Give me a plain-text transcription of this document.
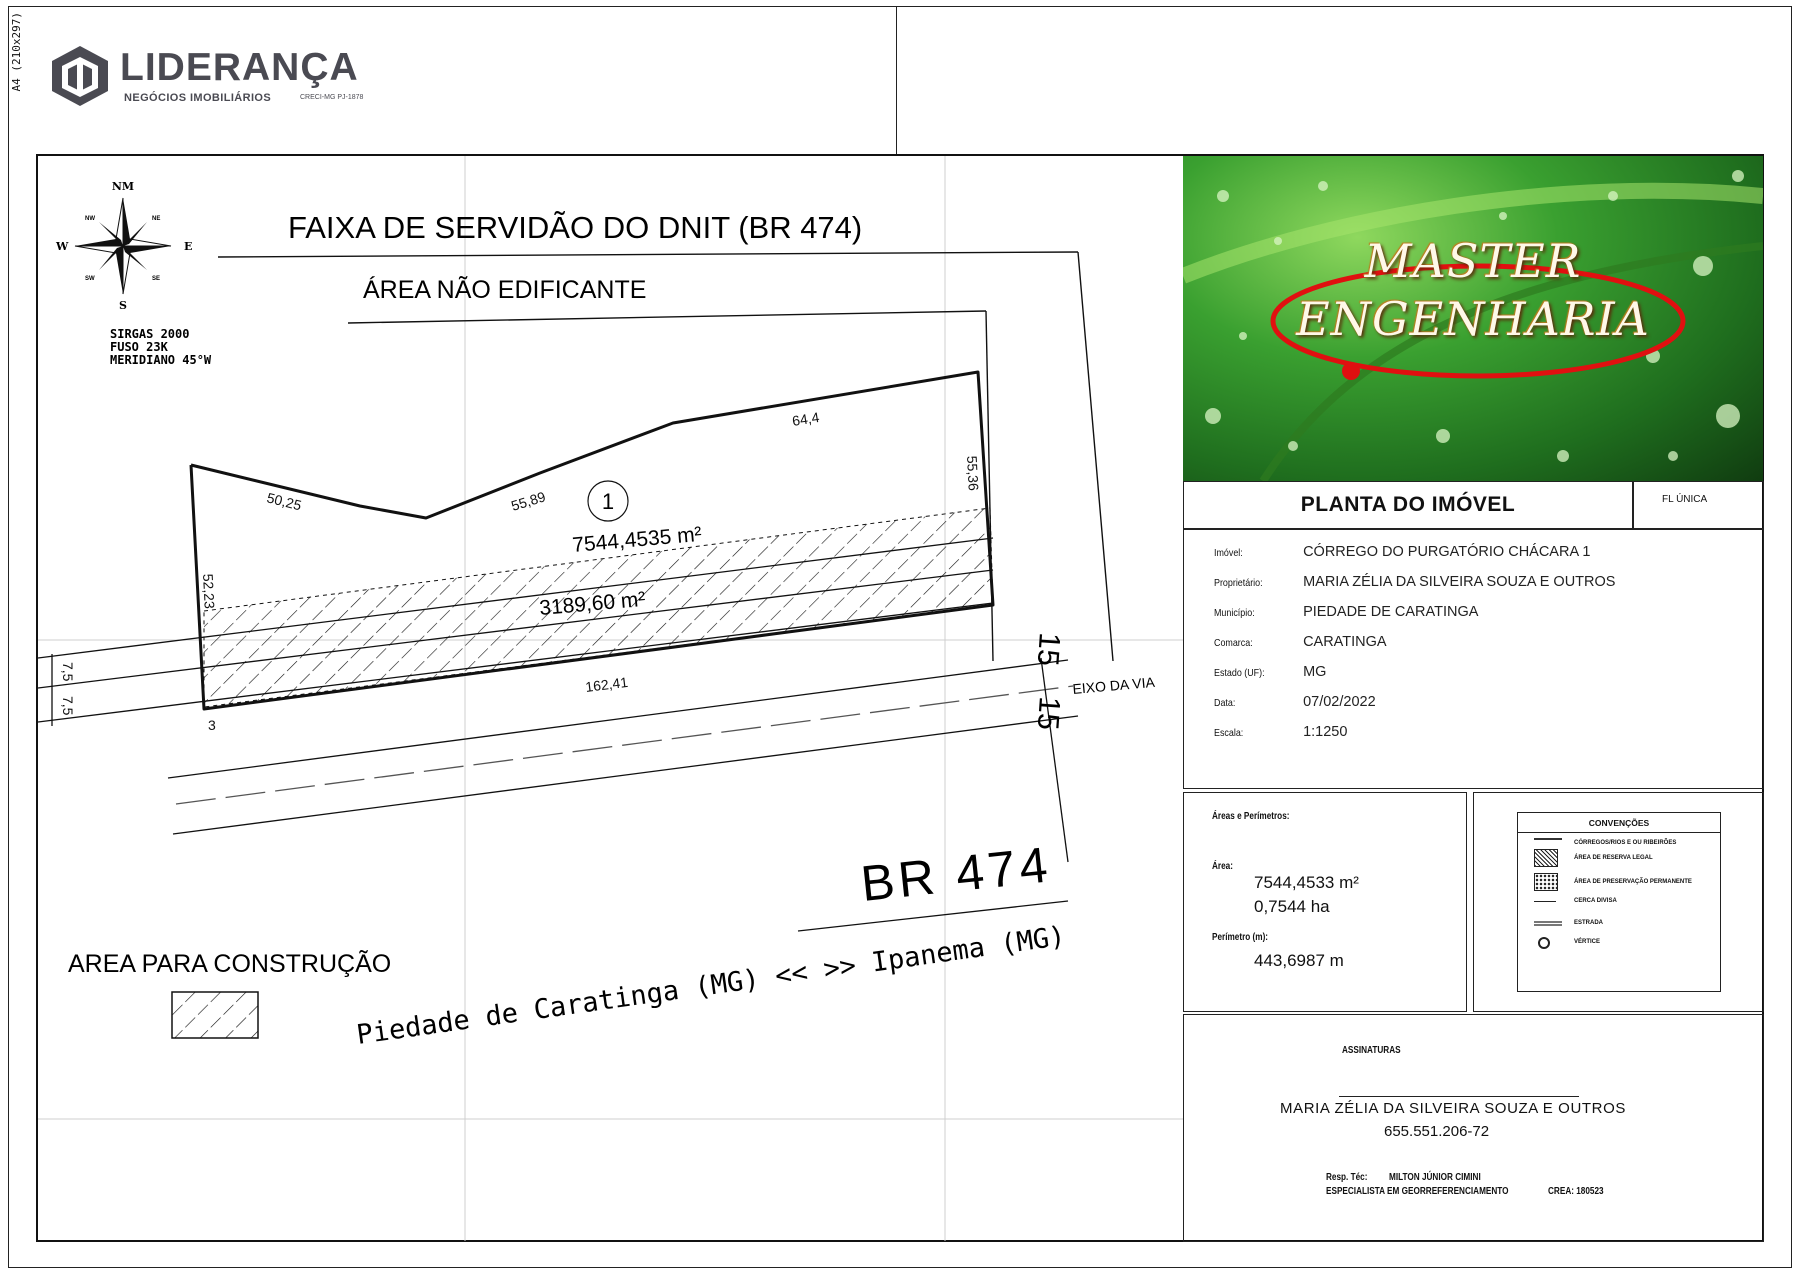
A4 (210x297) LIDERANÇA
NEGÓCIOS IMOBILIÁRIOS	CRECI-MG PJ-1878
NM
S
E
W
NE
NW
SE
SW
SIRGAS 2000
FUSO 23K
MERIDIANO 45°W
FAIXA DE SERVIDÃO DO DNIT (BR 474)
ÁREA NÃO EDIFICANTE
64,4
55,36
55,89
50,25
52,23
162,41
3
7,5
7,5
1
7544,4535 m²
3189,60 m²
15
15
EIXO DA VIA
BR 474
Piedade de Caratinga (MG) << >> Ipanema (MG)
AREA PARA CONSTRUÇÃO
MASTER
ENGENHARIA
PLANTA DO IMÓVEL	FL ÚNICA
Imóvel:	CÓRREGO DO PURGATÓRIO CHÁCARA 1
Proprietário:	MARIA ZÉLIA DA SILVEIRA SOUZA E OUTROS
Município:	PIEDADE DE CARATINGA
Comarca:	CARATINGA
Estado (UF):	MG
Data:	07/02/2022
Escala:	1:1250
Áreas e Perímetros:
Área:
7544,4533 m²
0,7544 ha
Perímetro (m):
443,6987 m
CONVENÇÕES
CÓRREGOS/RIOS E OU RIBEIRÕES
ÁREA DE RESERVA LEGAL
ÁREA DE PRESERVAÇÃO PERMANENTE
CERCA DIVISA
ESTRADA
VÉRTICE
ASSINATURAS
MARIA ZÉLIA DA SILVEIRA SOUZA E OUTROS
655.551.206-72
Resp. Téc: MILTON JÚNIOR CIMINI
ESPECIALISTA EM GEORREFERENCIAMENTO	CREA: 180523
